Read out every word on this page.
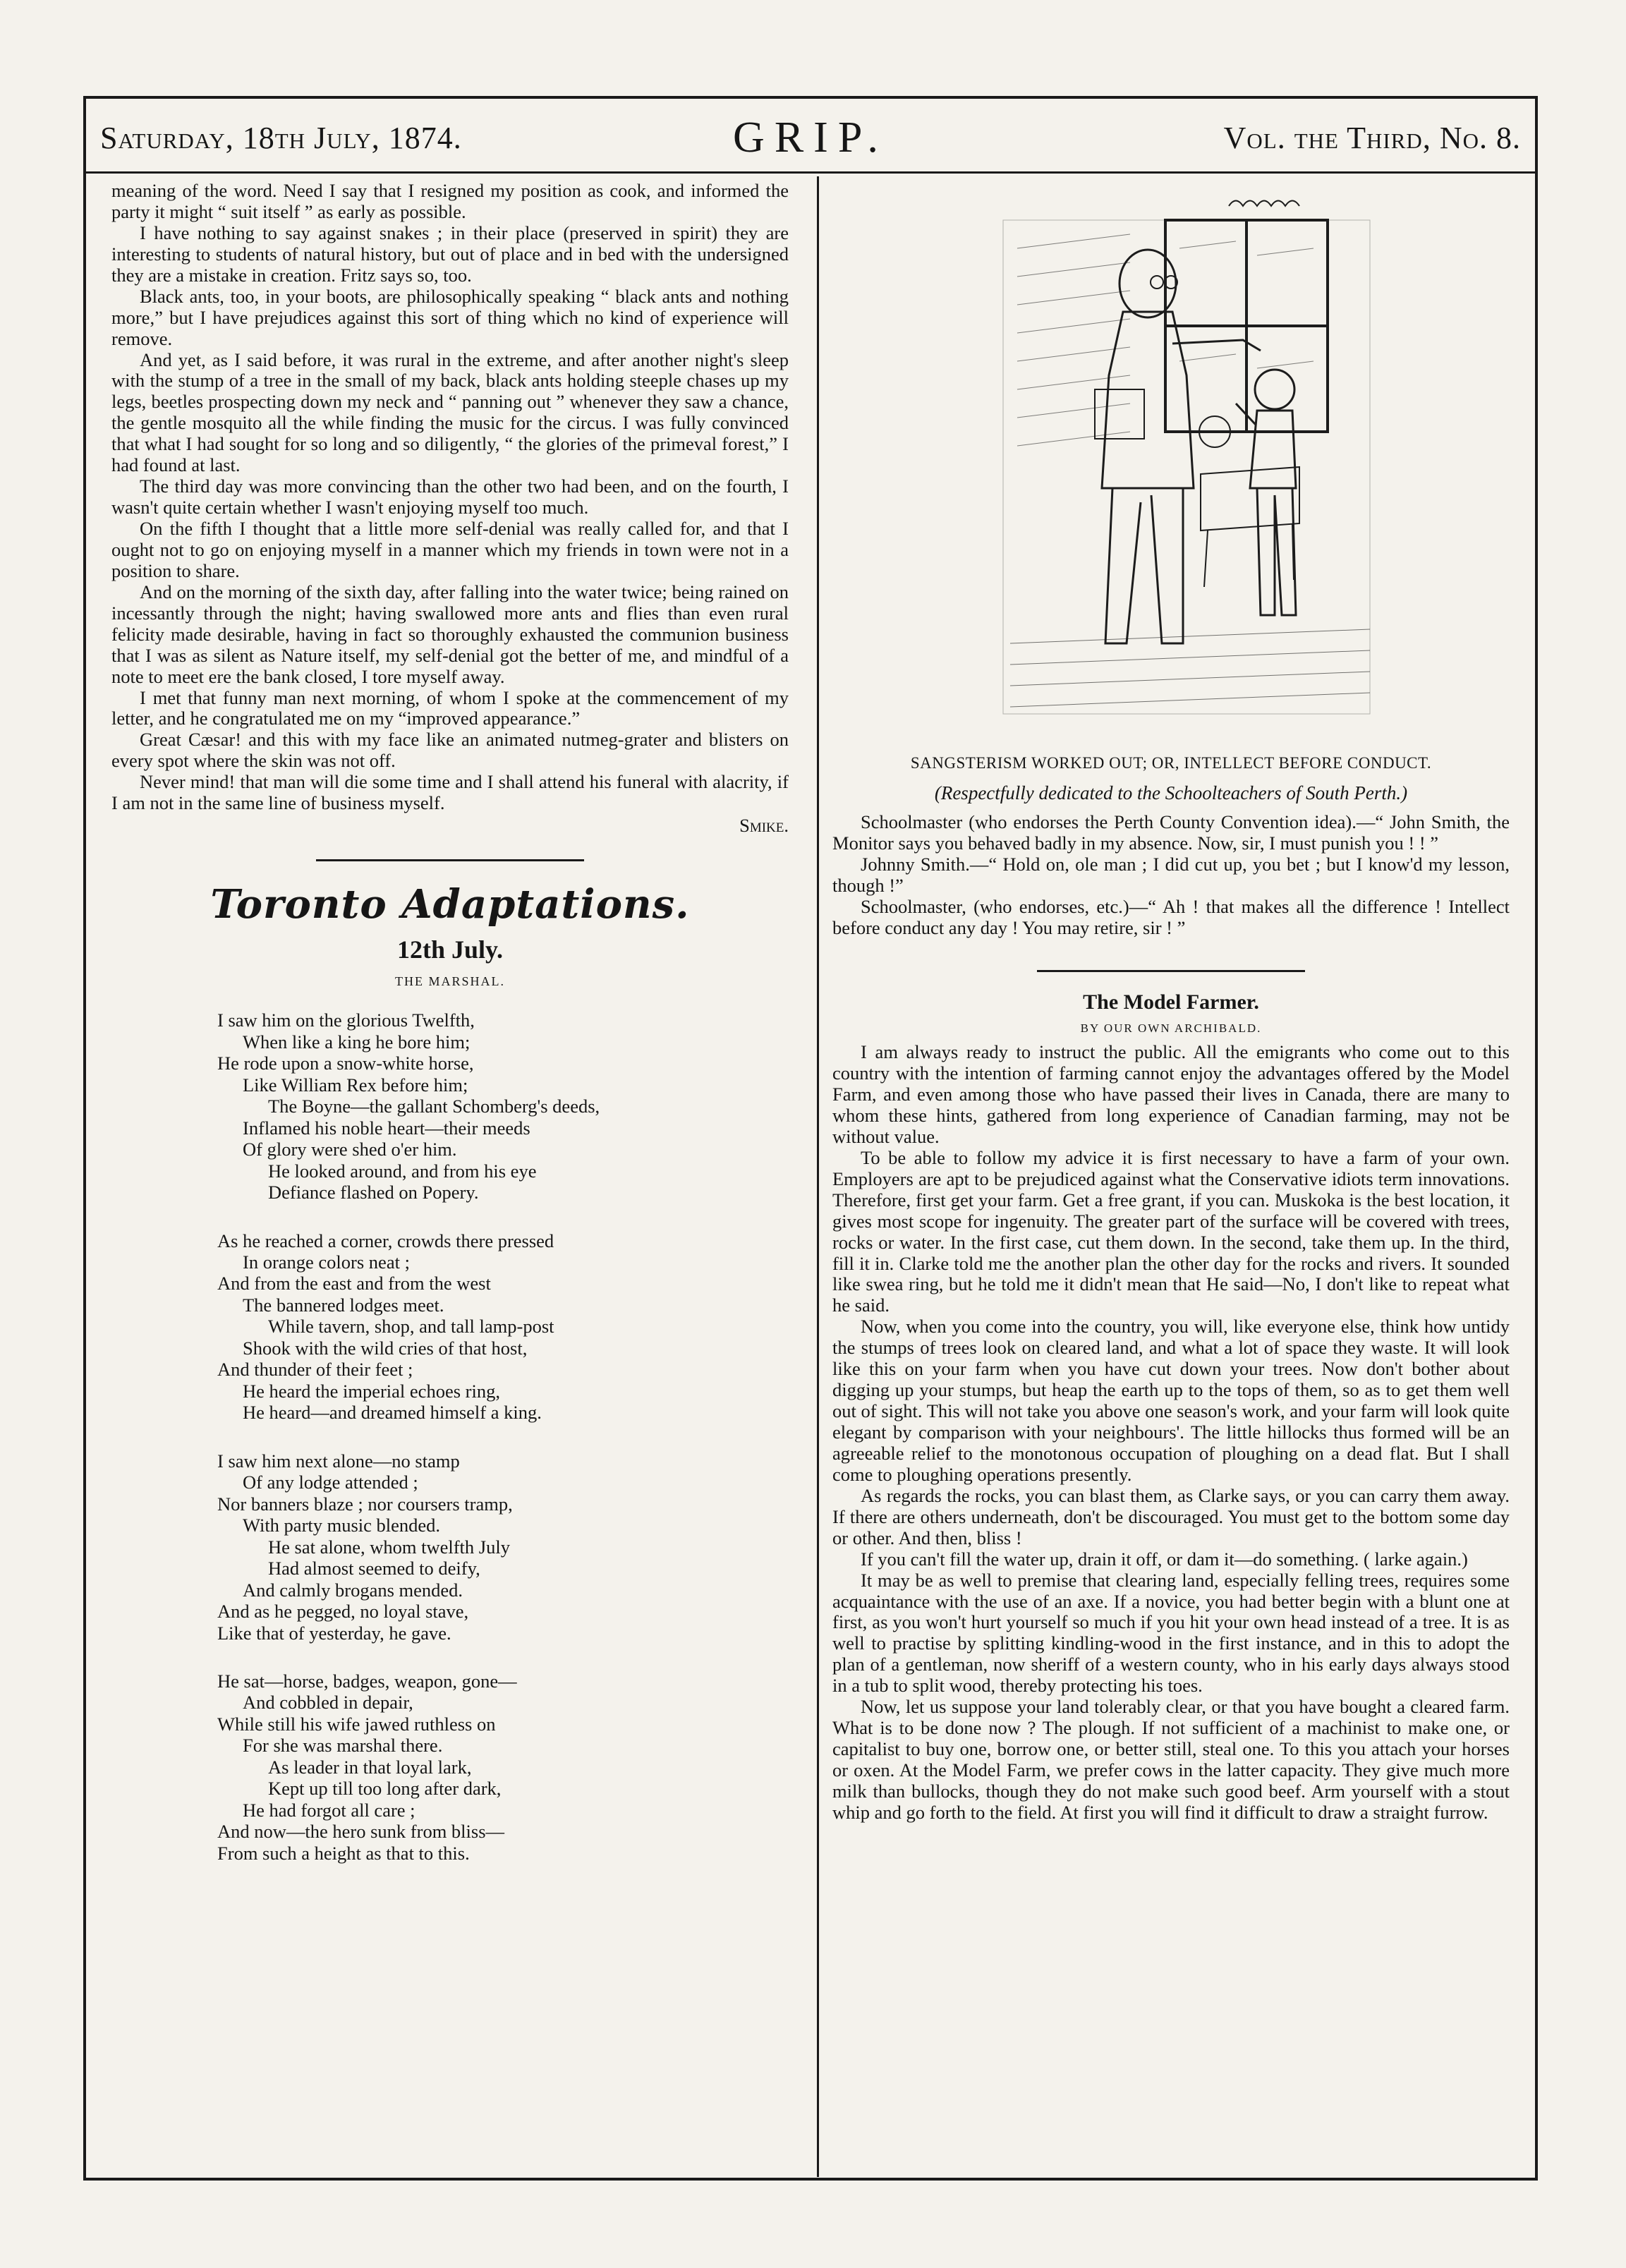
Saturday, 18th July, 1874.	GRIP.	Vol. the Third, No. 8.

meaning of the word. Need I say that I resigned my position as cook, and informed the party it might “ suit itself ” as early as possible.

I have nothing to say against snakes ; in their place (preserved in spirit) they are interesting to students of natural history, but out of place and in bed with the undersigned they are a mistake in creation. Fritz says so, too.

Black ants, too, in your boots, are philosophically speaking “ black ants and nothing more,” but I have prejudices against this sort of thing which no kind of experience will remove.

And yet, as I said before, it was rural in the extreme, and after another night's sleep with the stump of a tree in the small of my back, black ants holding steeple chases up my legs, beetles prospecting down my neck and “ panning out ” whenever they saw a chance, the gentle mosquito all the while finding the music for the circus. I was fully convinced that what I had sought for so long and so diligently, “ the glories of the primeval forest,” I had found at last.

The third day was more convincing than the other two had been, and on the fourth, I wasn't quite certain whether I wasn't enjoying myself too much.

On the fifth I thought that a little more self-denial was really called for, and that I ought not to go on enjoying myself in a manner which my friends in town were not in a position to share.

And on the morning of the sixth day, after falling into the water twice; being rained on incessantly through the night; having swallowed more ants and flies than even rural felicity made desirable, having in fact so thoroughly exhausted the communion business that I was as silent as Nature itself, my self-denial got the better of me, and mindful of a note to meet ere the bank closed, I tore myself away.

I met that funny man next morning, of whom I spoke at the commencement of my letter, and he congratulated me on my “improved appearance.”

Great Cæsar! and this with my face like an animated nutmeg-grater and blisters on every spot where the skin was not off.

Never mind! that man will die some time and I shall attend his funeral with alacrity, if I am not in the same line of business myself.

Smike.

Toronto Adaptations.
12th July.
THE MARSHAL.
I saw him on the glorious Twelfth,
When like a king he bore him;
He rode upon a snow-white horse,
Like William Rex before him;
The Boyne—the gallant Schomberg's deeds,
Inflamed his noble heart—their meeds
Of glory were shed o'er him.
He looked around, and from his eye
Defiance flashed on Popery.
As he reached a corner, crowds there pressed
In orange colors neat ;
And from the east and from the west
The bannered lodges meet.
While tavern, shop, and tall lamp-post
Shook with the wild cries of that host,
And thunder of their feet ;
He heard the imperial echoes ring,
He heard—and dreamed himself a king.
I saw him next alone—no stamp
Of any lodge attended ;
Nor banners blaze ; nor coursers tramp,
With party music blended.
He sat alone, whom twelfth July
Had almost seemed to deify,
And calmly brogans mended.
And as he pegged, no loyal stave,
Like that of yesterday, he gave.
He sat—horse, badges, weapon, gone—
And cobbled in depair,
While still his wife jawed ruthless on
For she was marshal there.
As leader in that loyal lark,
Kept up till too long after dark,
He had forgot all care ;
And now—the hero sunk from bliss—
From such a height as that to this.
SANGSTERISM WORKED OUT; OR, INTELLECT BEFORE CONDUCT.
(Respectfully dedicated to the Schoolteachers of South Perth.)

Schoolmaster (who endorses the Perth County Convention idea).—“ John Smith, the Monitor says you behaved badly in my absence. Now, sir, I must punish you ! ! ”

Johnny Smith.—“ Hold on, ole man ; I did cut up, you bet ; but I know'd my lesson, though !”

Schoolmaster, (who endorses, etc.)—“ Ah ! that makes all the difference ! Intellect before conduct any day ! You may retire, sir ! ”

The Model Farmer.
BY OUR OWN ARCHIBALD.

I am always ready to instruct the public. All the emigrants who come out to this country with the intention of farming cannot enjoy the advantages offered by the Model Farm, and even among those who have passed their lives in Canada, there are many to whom these hints, gathered from long experience of Canadian farming, may not be without value.

To be able to follow my advice it is first necessary to have a farm of your own. Employers are apt to be prejudiced against what the Conservative idiots term innovations. Therefore, first get your farm. Get a free grant, if you can. Muskoka is the best location, it gives most scope for ingenuity. The greater part of the surface will be covered with trees, rocks or water. In the first case, cut them down. In the second, take them up. In the third, fill it in. Clarke told me the another plan the other day for the rocks and rivers. It sounded like swea ring, but he told me it didn't mean that He said—No, I don't like to repeat what he said.

Now, when you come into the country, you will, like everyone else, think how untidy the stumps of trees look on cleared land, and what a lot of space they waste. It will look like this on your farm when you have cut down your trees. Now don't bother about digging up your stumps, but heap the earth up to the tops of them, so as to get them well out of sight. This will not take you above one season's work, and your farm will look quite elegant by comparison with your neighbours'. The little hillocks thus formed will be an agreeable relief to the monotonous occupation of ploughing on a dead flat. But I shall come to ploughing operations presently.

As regards the rocks, you can blast them, as Clarke says, or you can carry them away. If there are others underneath, don't be discouraged. You must get to the bottom some day or other. And then, bliss !

If you can't fill the water up, drain it off, or dam it—do something. ( larke again.)

It may be as well to premise that clearing land, especially felling trees, requires some acquaintance with the use of an axe. If a novice, you had better begin with a blunt one at first, as you won't hurt yourself so much if you hit your own head instead of a tree. It is as well to practise by splitting kindling-wood in the first instance, and in this to adopt the plan of a gentleman, now sheriff of a western county, who in his early days always stood in a tub to split wood, thereby protecting his toes.

Now, let us suppose your land tolerably clear, or that you have bought a cleared farm. What is to be done now ? The plough. If not sufficient of a machinist to make one, or capitalist to buy one, borrow one, or better still, steal one. To this you attach your horses or oxen. At the Model Farm, we prefer cows in the latter capacity. They give much more milk than bullocks, though they do not make such good beef. Arm yourself with a stout whip and go forth to the field. At first you will find it difficult to draw a straight furrow.
